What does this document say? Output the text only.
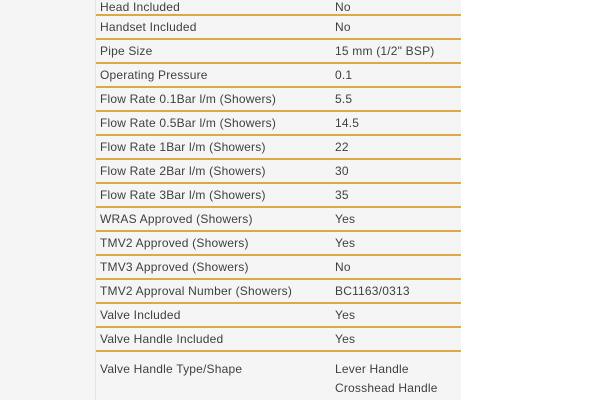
Head Included	No
Handset Included	No
Pipe Size	15 mm (1/2" BSP)
Operating Pressure	0.1
Flow Rate 0.1Bar l/m (Showers)	5.5
Flow Rate 0.5Bar l/m (Showers)	14.5
Flow Rate 1Bar l/m (Showers)	22
Flow Rate 2Bar l/m (Showers)	30
Flow Rate 3Bar l/m (Showers)	35
WRAS Approved (Showers)	Yes
TMV2 Approved (Showers)	Yes
TMV3 Approved (Showers)	No
TMV2 Approval Number (Showers)	BC1163/0313
Valve Included	Yes
Valve Handle Included	Yes
Valve Handle Type/Shape	Lever Handle
Crosshead Handle
